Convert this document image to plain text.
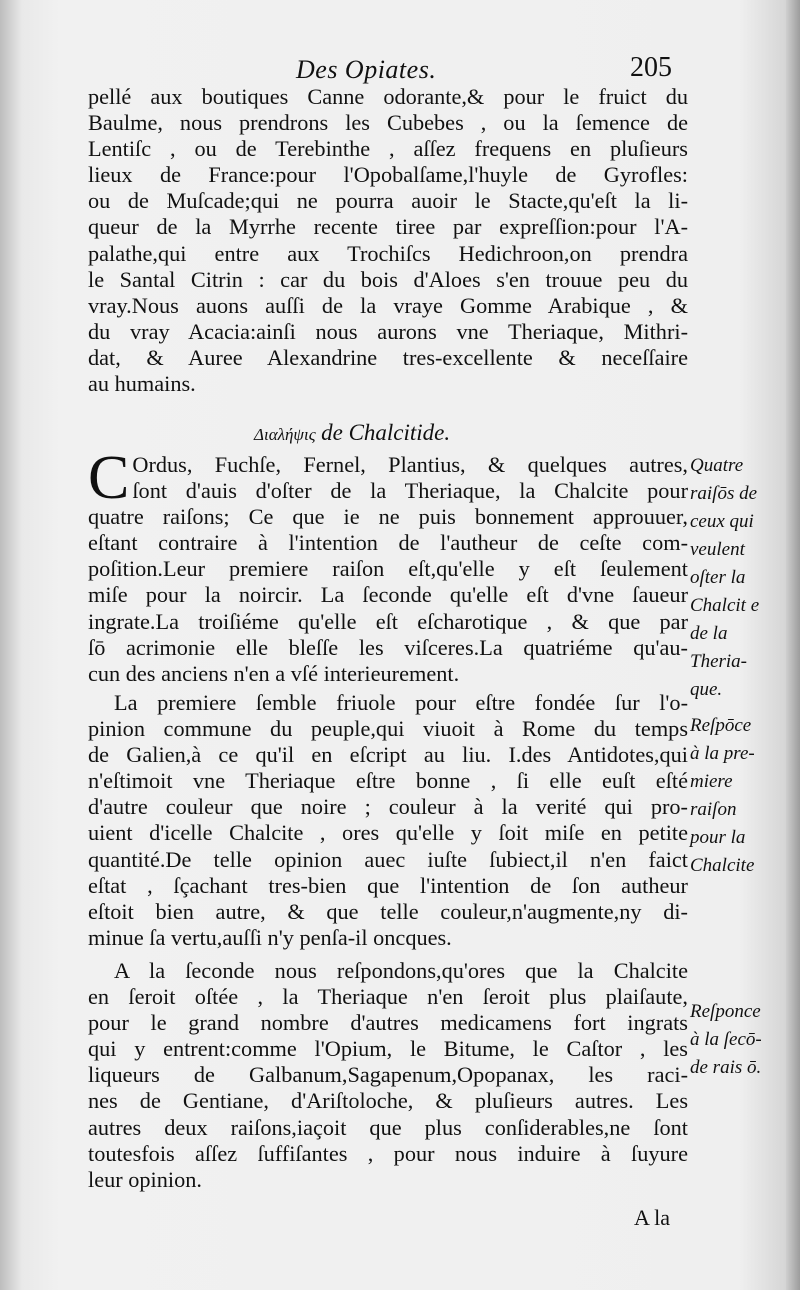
Des Opiates.	205
pellé aux boutiques Canne odorante,& pour le fruict du
Baulme, nous prendrons les Cubebes , ou la ſemence de
Lentiſc , ou de Terebinthe , aſſez frequens en pluſieurs
lieux de France:pour l'Opobalſame,l'huyle de Gyrofles:
ou de Muſcade;qui ne pourra auoir le Stacte,qu'eſt la li-
queur de la Myrrhe recente tiree par expreſſion:pour l'A-
palathe,qui entre aux Trochiſcs Hedichroon,on prendra
le Santal Citrin : car du bois d'Aloes s'en trouue peu du
vray.Nous auons auſſi de la vraye Gomme Arabique , &
du vray Acacia:ainſi nous aurons vne Theriaque, Mithri-
dat, & Auree Alexandrine tres-excellente & neceſſaire
au humains.
Διαλήψις de Chalcitide.
C Ordus, Fuchſe, Fernel, Plantius, & quelques autres,
ſont d'auis d'oſter de la Theriaque, la Chalcite pour
quatre raiſons; Ce que ie ne puis bonnement approuuer,
eſtant contraire à l'intention de l'autheur de ceſte com-
poſition.Leur premiere raiſon eſt,qu'elle y eſt ſeulement
miſe pour la noircir. La ſeconde qu'elle eſt d'vne ſaueur
ingrate.La troiſiéme qu'elle eſt eſcharotique , & que par
ſō acrimonie elle bleſſe les viſceres.La quatriéme qu'au-
cun des anciens n'en a vſé interieurement.
La premiere ſemble friuole pour eſtre fondée ſur l'o-
pinion commune du peuple,qui viuoit à Rome du temps
de Galien,à ce qu'il en eſcript au liu. I.des Antidotes,qui
n'eſtimoit vne Theriaque eſtre bonne , ſi elle euſt eſté
d'autre couleur que noire ; couleur à la verité qui pro-
uient d'icelle Chalcite , ores qu'elle y ſoit miſe en petite
quantité.De telle opinion auec iuſte ſubiect,il n'en faict
eſtat , ſçachant tres-bien que l'intention de ſon autheur
eſtoit bien autre, & que telle couleur,n'augmente,ny di-
minue ſa vertu,auſſi n'y penſa-il oncques.
A la ſeconde nous reſpondons,qu'ores que la Chalcite
en ſeroit oſtée , la Theriaque n'en ſeroit plus plaiſaute,
pour le grand nombre d'autres medicamens fort ingrats
qui y entrent:comme l'Opium, le Bitume, le Caſtor , les
liqueurs de Galbanum,Sagapenum,Opopanax, les raci-
nes de Gentiane, d'Ariſtoloche, & pluſieurs autres. Les
autres deux raiſons,iaçoit que plus conſiderables,ne ſont
toutesfois aſſez ſuffiſantes , pour nous induire à ſuyure
leur opinion.
Quatre
raiſōs de
ceux qui
veulent
oſter la
Chalcit e
de la
Theria-
que.
Reſpōce
à la pre-
miere
raiſon
pour la
Chalcite
Reſponce
à la ſecō-
de rais ō.
A la
